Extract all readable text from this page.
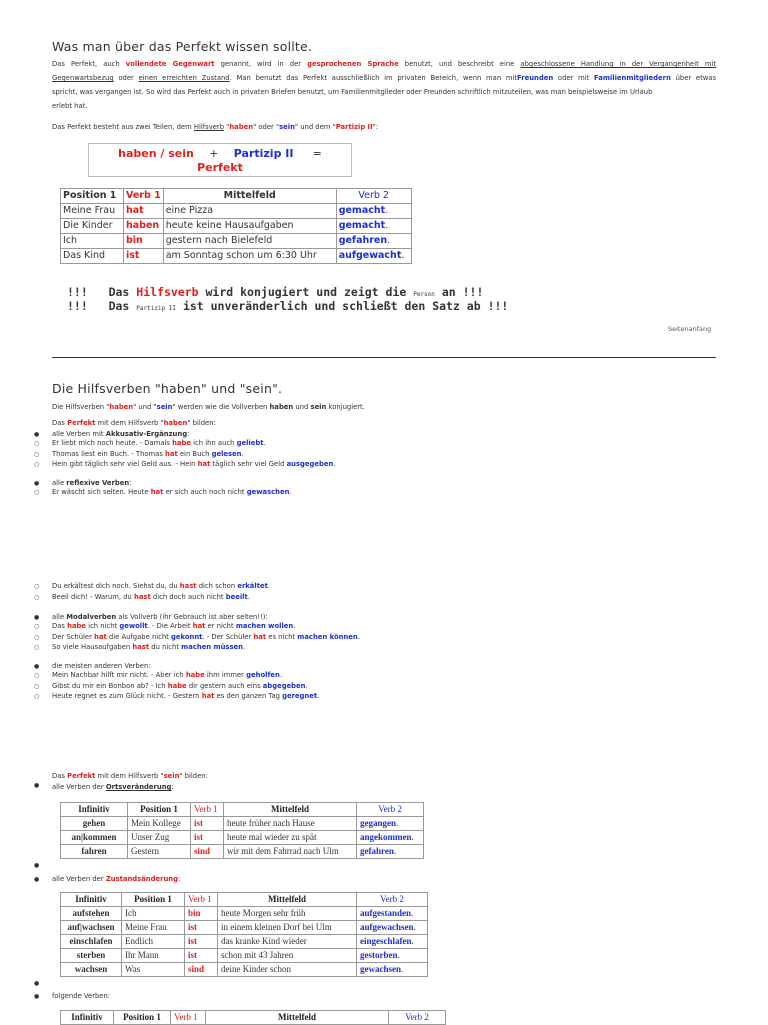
Was man über das Perfekt wissen sollte.
Das Perfekt, auch vollendete Gegenwart genannt, wird in der gesprochenen Sprache benutzt, und beschreibt eine abgeschlossene Handlung in der Vergangenheit mit
Gegenwartsbezug oder einen erreichten Zustand. Man benutzt das Perfekt ausschließlich im privaten Bereich, wenn man mitFreunden oder mit Familienmitgliedern über etwas
spricht, was vergangen ist. So wird das Perfekt auch in privaten Briefen benutzt, um Familienmitglieder oder Freunden schriftlich mitzuteilen, was man beispielsweise im Urlaub
erlebt hat.
Das Perfekt besteht aus zwei Teilen, dem Hilfsverb "haben" oder "sein" und dem "Partizip II":
haben / sein + Partizip II =
Perfekt
Position 1	Verb 1	Mittelfeld	Verb 2
Meine Frau	hat	eine Pizza	gemacht.
Die Kinder	haben	heute keine Hausaufgaben	gemacht.
Ich	bin	gestern nach Bielefeld	gefahren.
Das Kind	ist	am Sonntag schon um 6:30 Uhr	aufgewacht.
!!! Das Hilfsverb wird konjugiert und zeigt die Person an !!!
!!! Das Partizip II ist unveränderlich und schließt den Satz ab !!!
Seitenanfang
Die Hilfsverben "haben" und "sein".
Die Hilfsverben "haben" und "sein" werden wie die Vollverben haben und sein konjugiert.
Das Perfekt mit dem Hilfsverb "haben" bilden:
alle Verben mit Akkusativ-Ergänzung:
●
Er liebt mich noch heute. - Damals habe ich ihn auch geliebt.
○
Thomas liest ein Buch. - Thomas hat ein Buch gelesen.
○
Hein gibt täglich sehr viel Geld aus. - Hein hat täglich sehr viel Geld ausgegeben.
○
alle reflexive Verben:
●
Er wäscht sich selten. Heute hat er sich auch noch nicht gewaschen.
○
Du erkältest dich noch. Siehst du, du hast dich schon erkältet.
○
Beeil dich! - Warum, du hast dich doch auch nicht beeilt.
○
alle Modalverben als Vollverb (ihr Gebrauch ist aber selten!!):
●
Das habe ich nicht gewollt. - Die Arbeit hat er nicht machen wollen.
○
Der Schüler hat die Aufgabe nicht gekonnt. - Der Schüler hat es nicht machen können.
○
So viele Hausaufgaben hast du nicht machen müssen.
○
die meisten anderen Verben:
●
Mein Nachbar hilft mir nicht. - Aber ich habe ihm immer geholfen.
○
Gibst du mir ein Bonbon ab? - Ich habe dir gestern auch eins abgegeben.
○
Heute regnet es zum Glück nicht. - Gestern hat es den ganzen Tag geregnet.
○
Das Perfekt mit dem Hilfsverb "sein" bilden:
● alle Verben der Ortsveränderung:
Infinitiv	Position 1	Verb 1	Mittelfeld	Verb 2
gehen	Mein Kollege	ist	heute früher nach Hause	gegangen.
an|kommen	Unser Zug	ist	heute mal wieder zu spät	angekommen.
fahren	Gestern	sind	wir mit dem Fahrrad nach Ulm	gefahren.
●
● alle Verben der Zustandsänderung:
Infinitiv	Position 1	Verb 1	Mittelfeld	Verb 2
aufstehen	Ich	bin	heute Morgen sehr früh	aufgestanden.
auf|wachsen	Meine Frau	ist	in einem kleinen Dorf bei Ulm	aufgewachsen.
einschlafen	Endlich	ist	das kranke Kind wieder	eingeschlafen.
sterben	Ihr Mann	ist	schon mit 43 Jahren	gestorben.
wachsen	Was	sind	deine Kinder schon	gewachsen.
●
● folgende Verben:
Infinitiv	Position 1	Verb 1	Mittelfeld	Verb 2
